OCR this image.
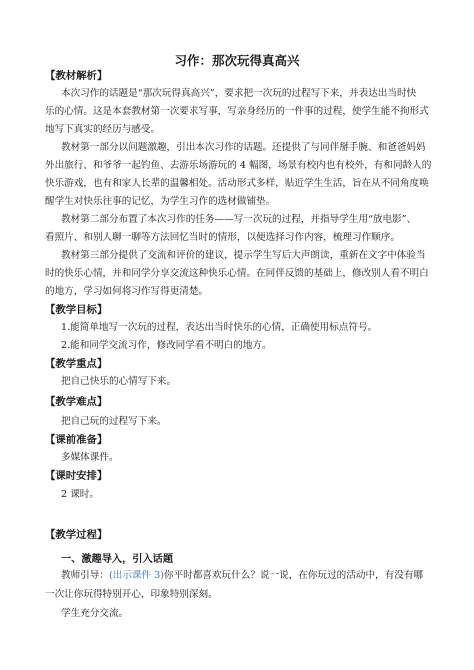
习作：那次玩得真高兴
【教材解析】
本次习作的话题是“那次玩得真高兴”，要求把一次玩的过程写下来，并表达出当时快
乐的心情。这是本套教材第一次要求写事，写亲身经历的一件事的过程，使学生能不拘形式
地写下真实的经历与感受。
教材第一部分以问题激趣，引出本次习作的话题。还提供了与同伴掰手腕、和爸爸妈妈
外出旅行、和爷爷一起钓鱼、去游乐场游玩的 4 幅图，场景有校内也有校外，有和同龄人的
快乐游戏，也有和家人长辈的温馨相处。活动形式多样，贴近学生生活，旨在从不同角度唤
醒学生对快乐往事的记忆，为学生习作的选材做铺垫。
教材第二部分布置了本次习作的任务——写一次玩的过程，并指导学生用“放电影”、
看照片、和别人聊一聊等方法回忆当时的情形，以便选择习作内容，梳理习作顺序。
教材第三部分提供了交流和评价的建议，提示学生写后大声朗读，重新在文字中体验当
时的快乐心情，并和同学分享交流这种快乐心情。在同伴反馈的基础上，修改别人看不明白
的地方，学习如何将习作写得更清楚。
【教学目标】
1.能简单地写一次玩的过程，表达出当时快乐的心情，正确使用标点符号。
2.能和同学交流习作，修改同学看不明白的地方。
【教学重点】
把自己快乐的心情写下来。
【教学难点】
把自己玩的过程写下来。
【课前准备】
多媒体课件。
【课时安排】
2 课时。
【教学过程】
一、激趣导入，引入话题
教师引导：(出示课件 3)你平时都喜欢玩什么？说一说，在你玩过的活动中，有没有哪
一次让你玩得特别开心，印象特别深刻。
学生充分交流。
